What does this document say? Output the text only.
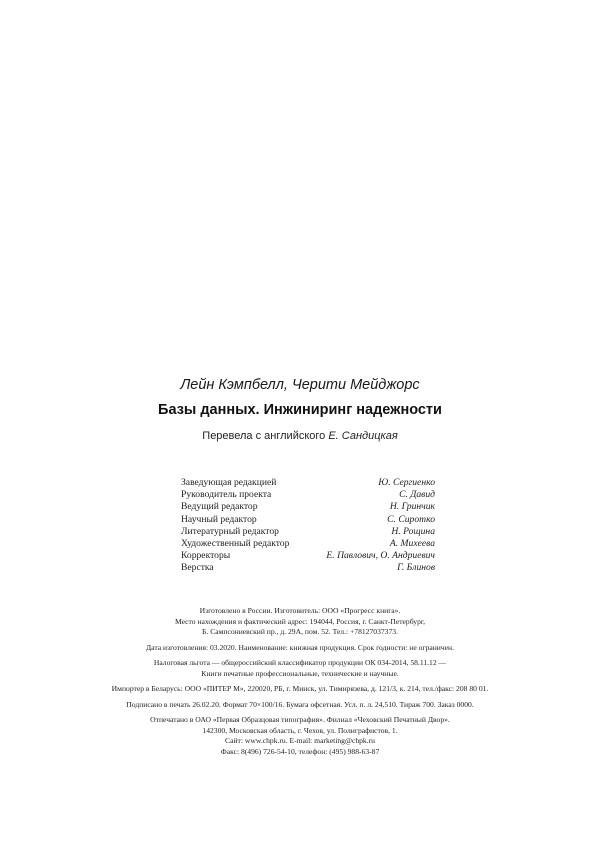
Лейн Кэмпбелл, Черити Мейджорс
Базы данных. Инжиниринг надежности
Перевела с английского Е. Сандицкая
Заведующая редакцией	Ю. Сергиенко
Руководитель проекта	С. Давид
Ведущий редактор	Н. Гринчик
Научный редактор	С. Сиротко
Литературный редактор	Н. Рощина
Художественный редактор	А. Михеева
Корректоры	Е. Павлович, О. Андриевич
Верстка	Г. Блинов
Изготовлено в России. Изготовитель: ООО «Прогресс книга».
Место нахождения и фактический адрес: 194044, Россия, г. Санкт-Петербург,
Б. Сампсониевский пр., д. 29А, пом. 52. Тел.: +78127037373.
Дата изготовления: 03.2020. Наименование: книжная продукция. Срок годности: не ограничен.
Налоговая льгота — общероссийский классификатор продукции ОК 034-2014, 58.11.12 —
Книги печатные профессиональные, технические и научные.
Импортер в Беларусь: ООО «ПИТЕР М», 220020, РБ, г. Минск, ул. Тимирязева, д. 121/3, к. 214, тел./факс: 208 80 01.
Подписано в печать 26.02.20. Формат 70×100/16. Бумага офсетная. Усл. п. л. 24,510. Тираж 700. Заказ 0000.
Отпечатано в ОАО «Первая Образцовая типография». Филиал «Чеховский Печатный Двор».
142300, Московская область, г. Чехов, ул. Полиграфистов, 1.
Сайт: www.chpk.ru. E-mail: marketing@chpk.ru
Факс: 8(496) 726-54-10, телефон: (495) 988-63-87
